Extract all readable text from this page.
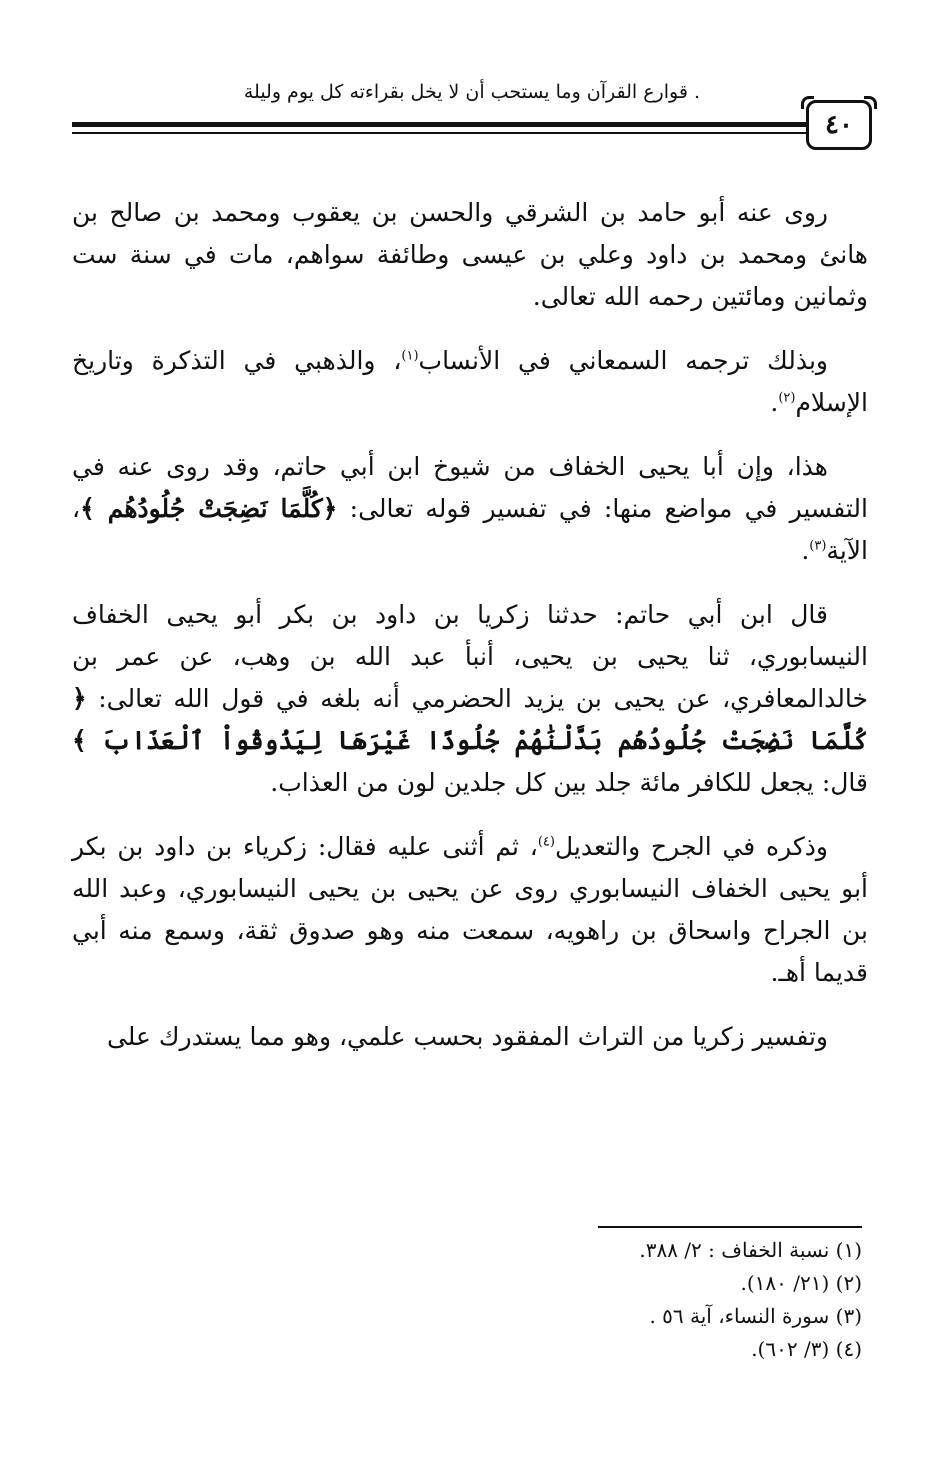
. قوارع القرآن وما يستحب أن لا يخل بقراءته كل يوم وليلة
٤٠

روى عنه أبو حامد بن الشرقي والحسن بن يعقوب ومحمد بن صالح بن هانئ ومحمد بن داود وعلي بن عيسى وطائفة سواهم، مات في سنة ست وثمانين ومائتين رحمه الله تعالى.

وبذلك ترجمه السمعاني في الأنساب$^{(١)}$، والذهبي في التذكرة وتاريخ الإسلام$^{(٢)}$.

هذا، وإن أبا يحيى الخفاف من شيوخ ابن أبي حاتم، وقد روى عنه في التفسير في مواضع منها: في تفسير قوله تعالى: ﴿كُلَّمَا نَضِجَتْ جُلُودُهُم ﴾، الآية$^{(٣)}$.

قال ابن أبي حاتم: حدثنا زكريا بن داود بن بكر أبو يحيى الخفاف النيسابوري، ثنا يحيى بن يحيى، أنبأ عبد الله بن وهب، عن عمر بن خالدالمعافري، عن يحيى بن يزيد الحضرمي أنه بلغه في قول الله تعالى: ﴿ كُلَّمَا نَضِجَتْ جُلُودُهُم بَدَّلْنَٰهُمْ جُلُودًا غَيْرَهَا لِيَذُوقُواْ ٱلْعَذَابَ ﴾ قال: يجعل للكافر مائة جلد بين كل جلدين لون من العذاب.

وذكره في الجرح والتعديل$^{(٤)}$، ثم أثنى عليه فقال: زكرياء بن داود بن بكر أبو يحيى الخفاف النيسابوري روى عن يحيى بن يحيى النيسابوري، وعبد الله بن الجراح واسحاق بن راهويه، سمعت منه وهو صدوق ثقة، وسمع منه أبي قديما أهـ.

وتفسير زكريا من التراث المفقود بحسب علمي، وهو مما يستدرك على

(١) نسبة الخفاف : ٢/ ٣٨٨.
(٢) (٢١/ ١٨٠).
(٣) سورة النساء، آية ٥٦ .
(٤) (٣/ ٦٠٢).
